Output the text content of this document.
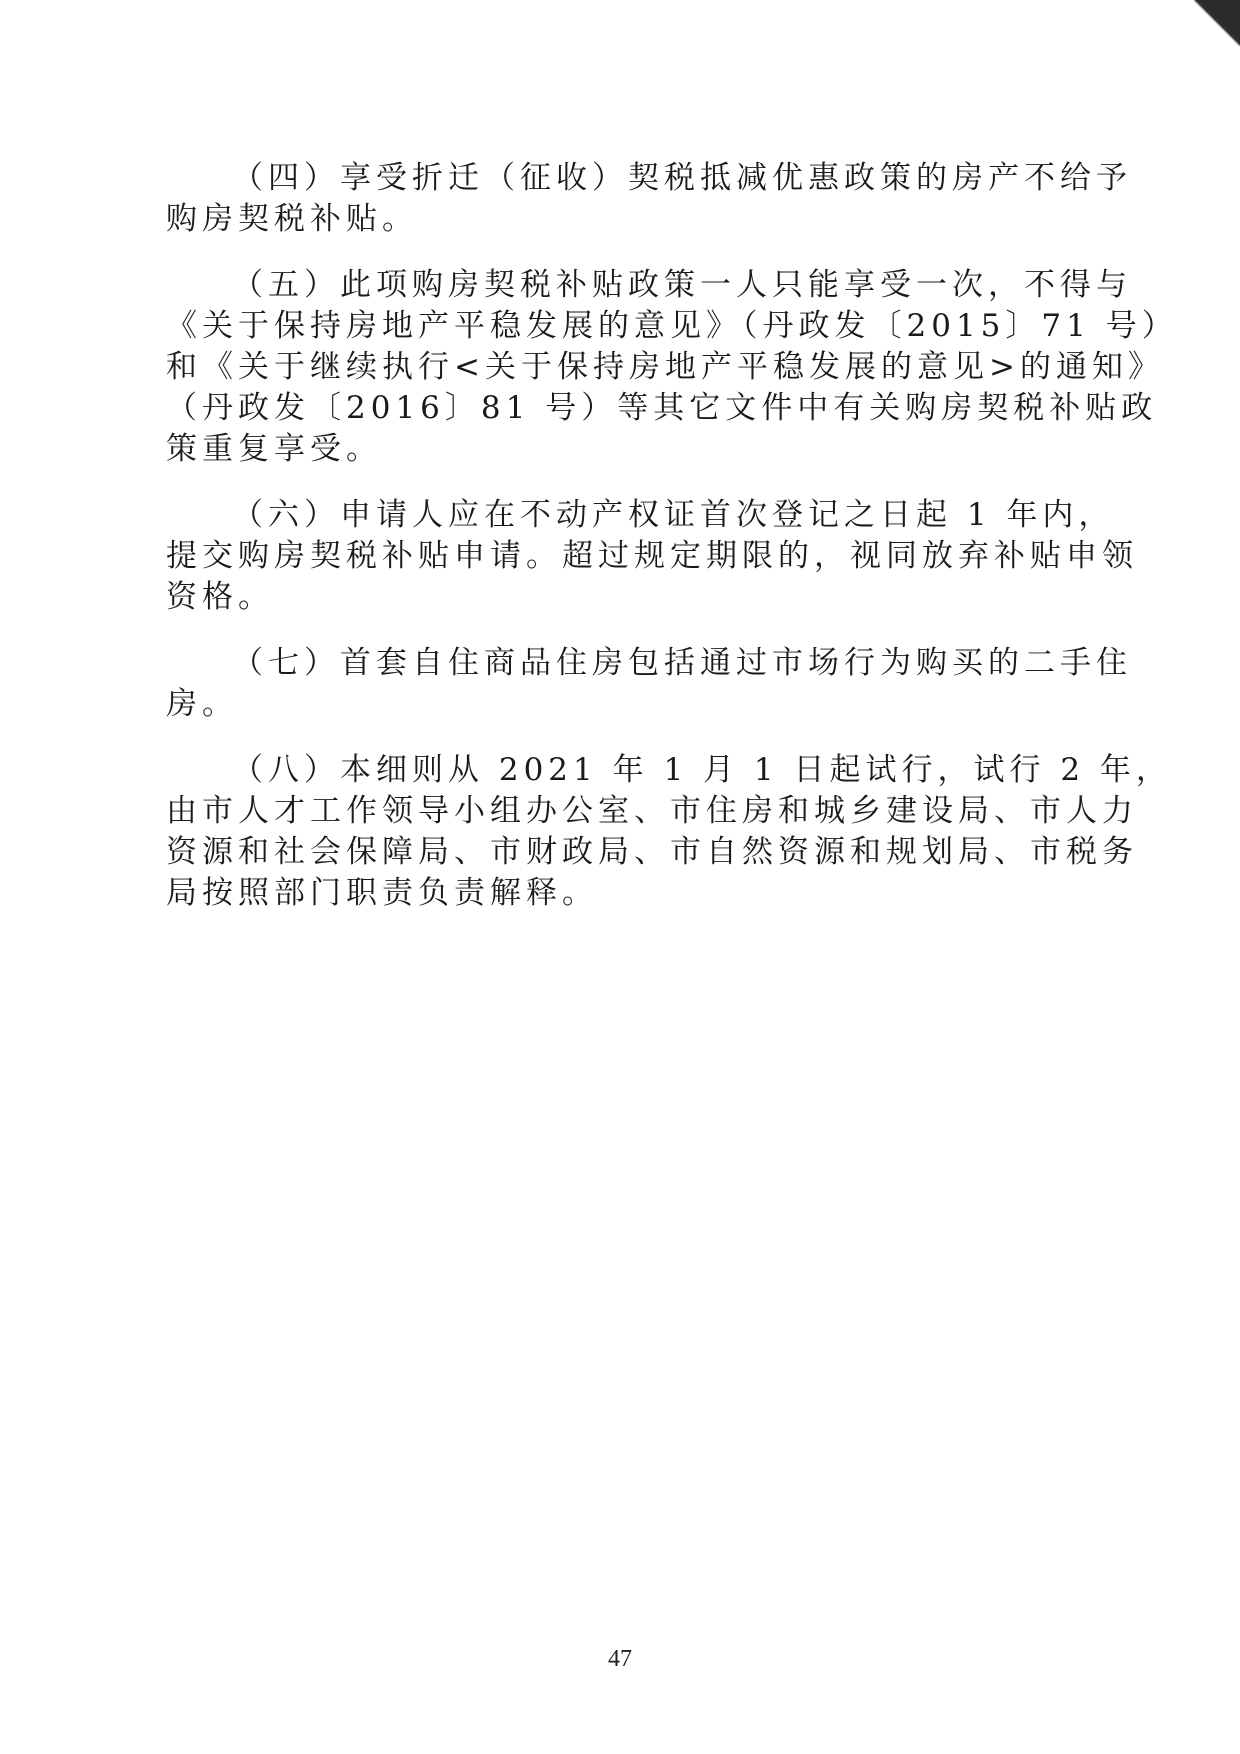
（四）享受折迁（征收）契税抵减优惠政策的房产不给予
购房契税补贴。

（五）此项购房契税补贴政策一人只能享受一次，不得与
《关于保持房地产平稳发展的意见》（丹政发〔2015〕71 号）
和《关于继续执行<关于保持房地产平稳发展的意见>的通知》
（丹政发〔2016〕81 号）等其它文件中有关购房契税补贴政
策重复享受。

（六）申请人应在不动产权证首次登记之日起 1 年内，
提交购房契税补贴申请。超过规定期限的，视同放弃补贴申领
资格。

（七）首套自住商品住房包括通过市场行为购买的二手住
房。

（八）本细则从 2021 年 1 月 1 日起试行，试行 2 年，
由市人才工作领导小组办公室、市住房和城乡建设局、市人力
资源和社会保障局、市财政局、市自然资源和规划局、市税务
局按照部门职责负责解释。

47
